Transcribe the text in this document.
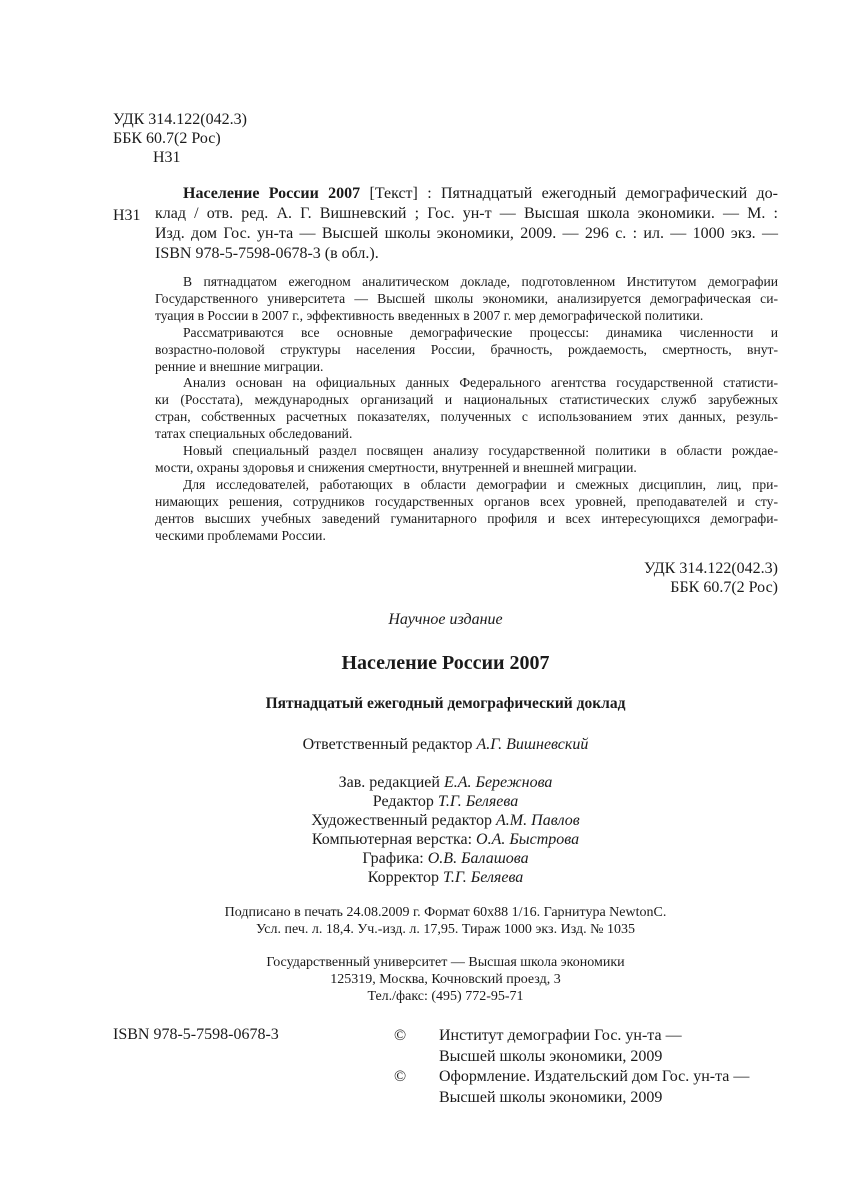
УДК 314.122(042.3)
ББК 60.7(2 Рос)
Н31
Н31
Население России 2007 [Текст] : Пятнадцатый ежегодный демографический до-
клад / отв. ред. А. Г. Вишневский ; Гос. ун-т — Высшая школа экономики. — М. :
Изд. дом Гос. ун-та — Высшей школы экономики, 2009. — 296 с. : ил. — 1000 экз. —
ISBN 978-5-7598-0678-3 (в обл.).
В пятнадцатом ежегодном аналитическом докладе, подготовленном Институтом демографии
Государственного университета — Высшей школы экономики, анализируется демографическая си-
туация в России в 2007 г., эффективность введенных в 2007 г. мер демографической политики.
Рассматриваются все основные демографические процессы: динамика численности и
возрастно-половой структуры населения России, брачность, рождаемость, смертность, внут-
ренние и внешние миграции.
Анализ основан на официальных данных Федерального агентства государственной статисти-
ки (Росстата), международных организаций и национальных статистических служб зарубежных
стран, собственных расчетных показателях, полученных с использованием этих данных, резуль-
татах специальных обследований.
Новый специальный раздел посвящен анализу государственной политики в области рождае-
мости, охраны здоровья и снижения смертности, внутренней и внешней миграции.
Для исследователей, работающих в области демографии и смежных дисциплин, лиц, при-
нимающих решения, сотрудников государственных органов всех уровней, преподавателей и сту-
дентов высших учебных заведений гуманитарного профиля и всех интересующихся демографи-
ческими проблемами России.
УДК 314.122(042.3)
ББК 60.7(2 Рос)
Научное издание
Население России 2007
Пятнадцатый ежегодный демографический доклад
Ответственный редактор А.Г. Вишневский
Зав. редакцией Е.А. Бережнова
Редактор Т.Г. Беляева
Художественный редактор А.М. Павлов
Компьютерная верстка: О.А. Быстрова
Графика: О.В. Балашова
Корректор Т.Г. Беляева
Подписано в печать 24.08.2009 г. Формат 60х88 1/16. Гарнитура NewtonC.
Усл. печ. л. 18,4. Уч.-изд. л. 17,95. Тираж 1000 экз. Изд. № 1035
Государственный университет — Высшая школа экономики
125319, Москва, Кочновский проезд, 3
Тел./факс: (495) 772-95-71
ISBN 978-5-7598-0678-3	©	Институт демографии Гос. ун-та —
Высшей школы экономики, 2009
©	Оформление. Издательский дом Гос. ун-та —
Высшей школы экономики, 2009
